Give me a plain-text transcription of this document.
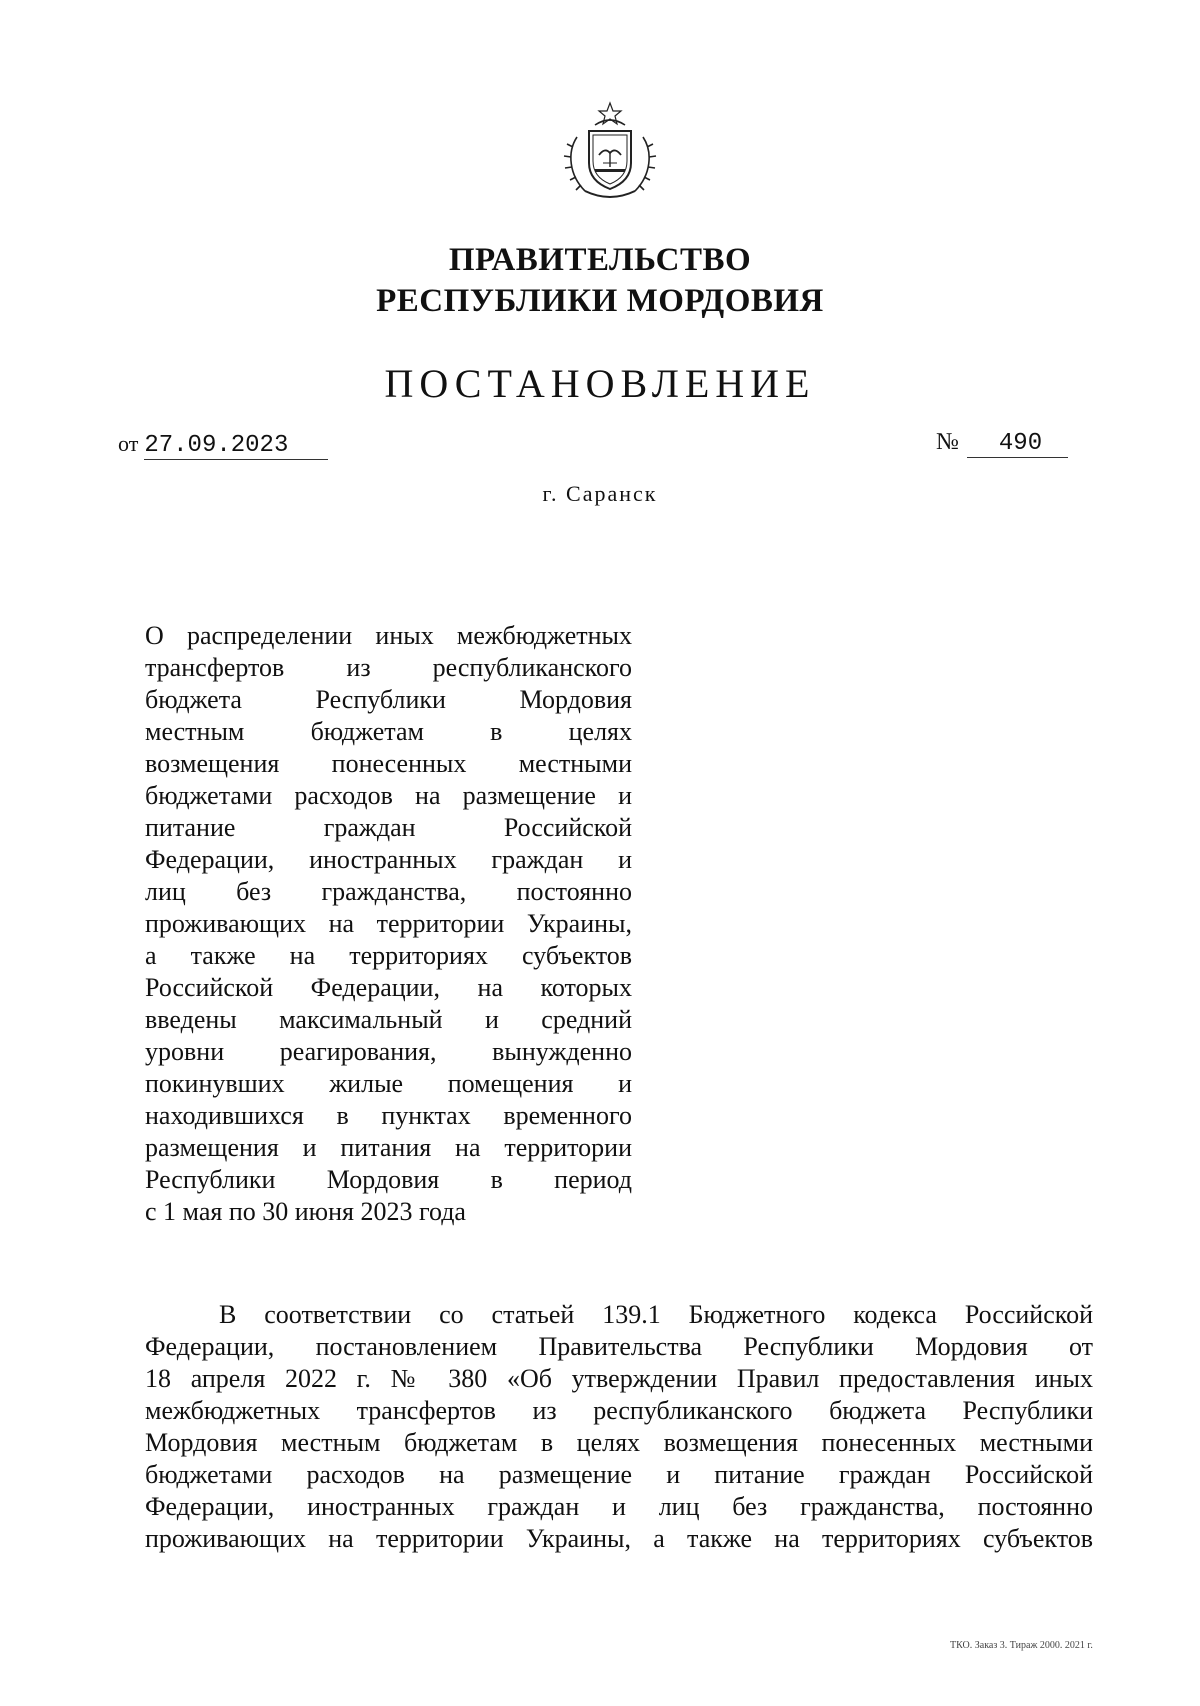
ПРАВИТЕЛЬСТВО
РЕСПУБЛИКИ МОРДОВИЯ
ПОСТАНОВЛЕНИЕ
от 27.09.2023	№ 490
г. Саранск
О распределении иных межбюджетных
трансфертов из республиканского
бюджета Республики Мордовия
местным бюджетам в целях
возмещения понесенных местными
бюджетами расходов на размещение и
питание граждан Российской
Федерации, иностранных граждан и
лиц без гражданства, постоянно
проживающих на территории Украины,
а также на территориях субъектов
Российской Федерации, на которых
введены максимальный и средний
уровни реагирования, вынужденно
покинувших жилые помещения и
находившихся в пунктах временного
размещения и питания на территории
Республики Мордовия в период
с 1 мая по 30 июня 2023 года
В соответствии со статьей 139.1 Бюджетного кодекса Российской
Федерации, постановлением Правительства Республики Мордовия от
18 апреля 2022 г. № 380 «Об утверждении Правил предоставления иных
межбюджетных трансфертов из республиканского бюджета Республики
Мордовия местным бюджетам в целях возмещения понесенных местными
бюджетами расходов на размещение и питание граждан Российской
Федерации, иностранных граждан и лиц без гражданства, постоянно
проживающих на территории Украины, а также на территориях субъектов
ТКО. Заказ 3. Тираж 2000. 2021 г.
